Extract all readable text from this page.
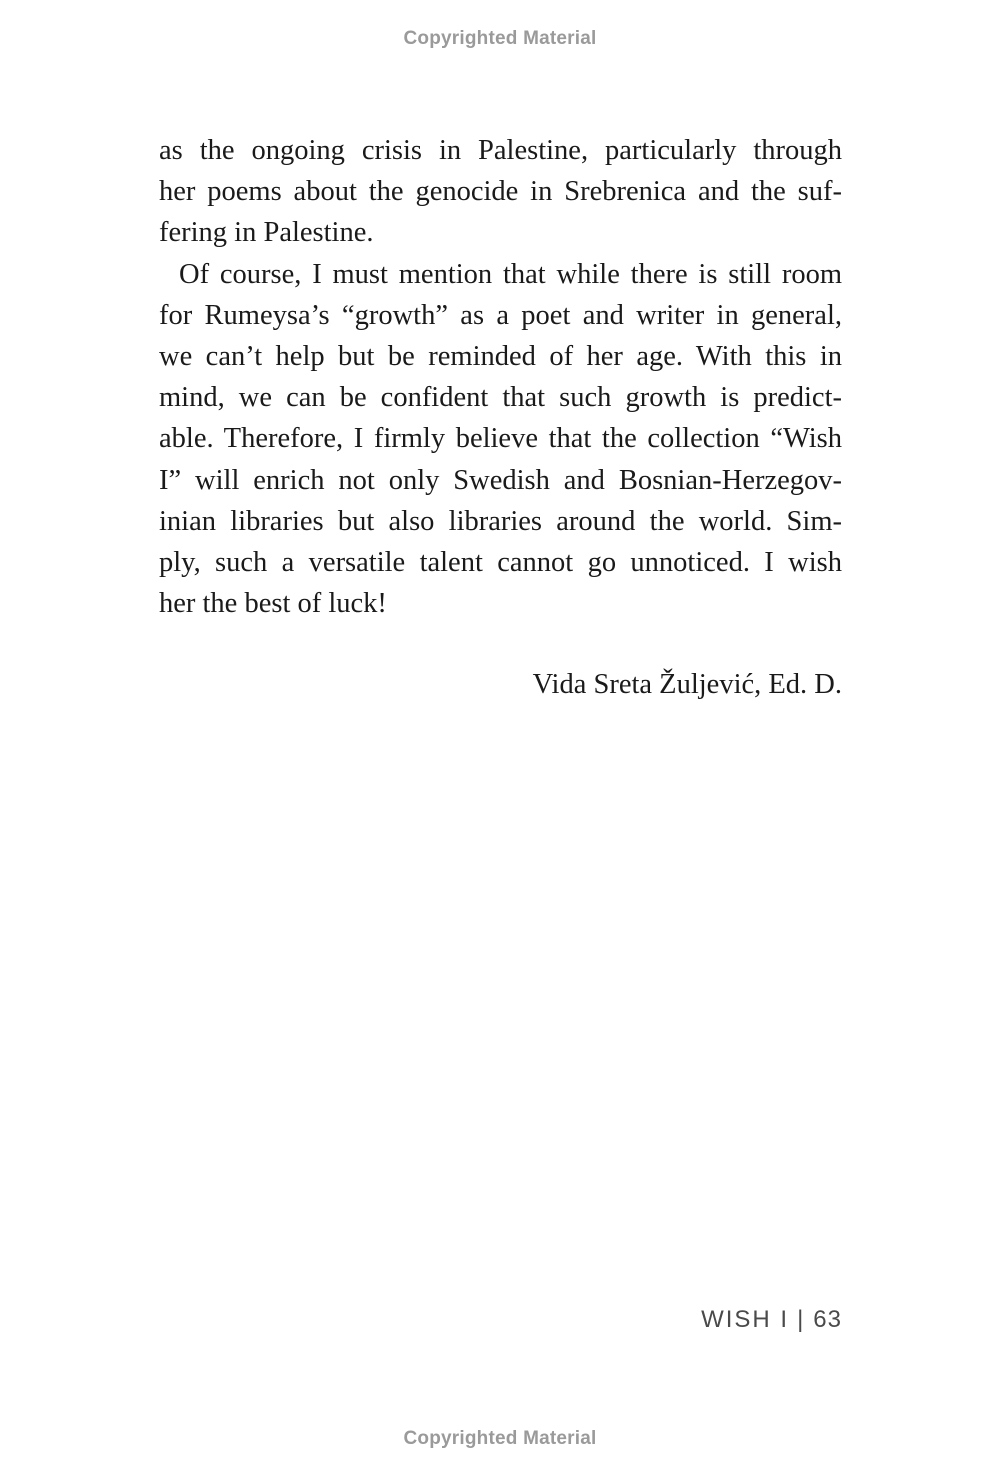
Copyrighted Material

as the ongoing crisis in Palestine, particularly through
her poems about the genocide in Srebrenica and the suf-
fering in Palestine.

Of course, I must mention that while there is still room
for Rumeysa’s “growth” as a poet and writer in general,
we can’t help but be reminded of her age. With this in
mind, we can be confident that such growth is predict-
able. Therefore, I firmly believe that the collection “Wish
I” will enrich not only Swedish and Bosnian-Herzegov-
inian libraries but also libraries around the world. Sim-
ply, such a versatile talent cannot go unnoticed. I wish
her the best of luck!

Vida Sreta Žuljević, Ed. D.
WISH I | 63
Copyrighted Material
